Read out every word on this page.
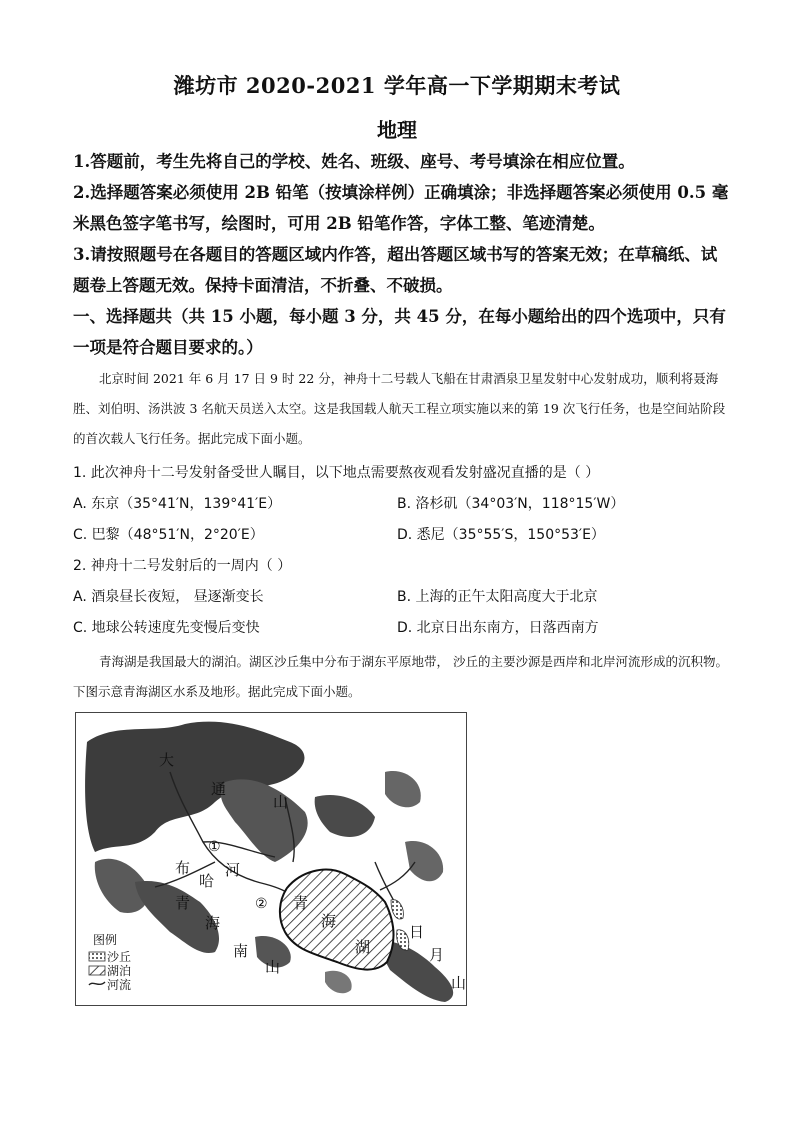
潍坊市 2020-2021 学年高一下学期期末考试
地理
1.答题前，考生先将自己的学校、姓名、班级、座号、考号填涂在相应位置。
2.选择题答案必须使用 2B 铅笔（按填涂样例）正确填涂；非选择题答案必须使用 0.5 毫米黑色签字笔书写，绘图时，可用 2B 铅笔作答，字体工整、笔迹清楚。
3.请按照题号在各题目的答题区域内作答，超出答题区域书写的答案无效；在草稿纸、试题卷上答题无效。保持卡面清洁，不折叠、不破损。
一、选择题共（共 15 小题，每小题 3 分，共 45 分，在每小题给出的四个选项中，只有一项是符合题目要求的。）
北京时间 2021 年 6 月 17 日 9 时 22 分，神舟十二号载人飞船在甘肃酒泉卫星发射中心发射成功，顺利将聂海胜、刘伯明、汤洪波 3 名航天员送入太空。这是我国载人航天工程立项实施以来的第 19 次飞行任务，也是空间站阶段的首次载人飞行任务。据此完成下面小题。
1. 此次神舟十二号发射备受世人瞩目，以下地点需要熬夜观看发射盛况直播的是（ ）
A. 东京（35°41′N，139°41′E）	B. 洛杉矶（34°03′N，118°15′W）
C. 巴黎（48°51′N，2°20′E）	D. 悉尼（35°55′S，150°53′E）
2. 神舟十二号发射后的一周内（ ）
A. 酒泉昼长夜短， 昼逐渐变长	B. 上海的正午太阳高度大于北京
C. 地球公转速度先变慢后变快	D. 北京日出东南方，日落西南方
青海湖是我国最大的湖泊。湖区沙丘集中分布于湖东平原地带， 沙丘的主要沙源是西岸和北岸河流形成的沉积物。下图示意青海湖区水系及地形。据此完成下面小题。
大
通
山
①
布
哈
河
青
海
② 青
海
南
山
湖
日
月
山
图例
沙丘
湖泊
河流
